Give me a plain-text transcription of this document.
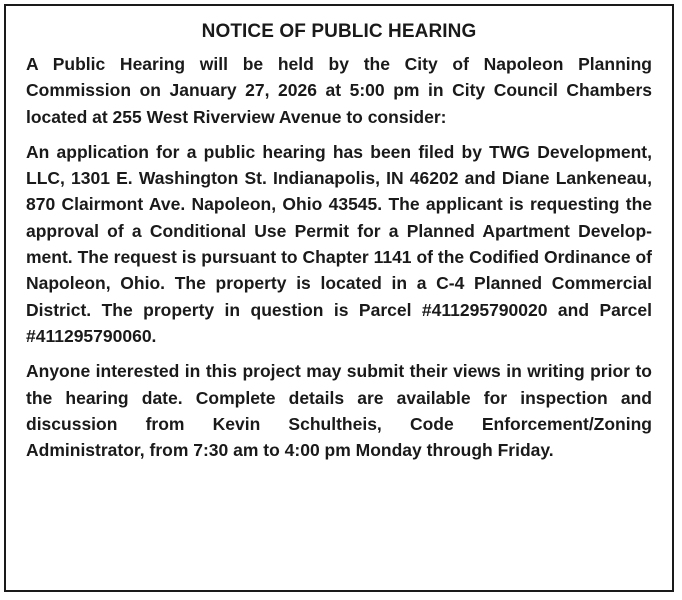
NOTICE OF PUBLIC HEARING

A Public Hearing will be held by the City of Napoleon Planning Commission on January 27, 2026 at 5:00 pm in City Council Chambers located at 255 West Riverview Avenue to consider:

An application for a public hearing has been filed by TWG Development, LLC, 1301 E. Washington St. Indianapolis, IN 46202 and Diane Lankeneau, 870 Clairmont Ave. Napoleon, Ohio 43545. The applicant is requesting the approval of a Conditional Use Permit for a Planned Apartment Development. The request is pursuant to Chapter 1141 of the Codified Ordinance of Napoleon, Ohio. The property is located in a C-4 Planned Commercial District. The property in question is Parcel #411295790020 and Parcel #411295790060.

Anyone interested in this project may submit their views in writing prior to the hearing date. Complete details are available for inspection and discussion from Kevin Schultheis, Code Enforcement/Zoning Administrator, from 7:30 am to 4:00 pm Monday through Friday.
